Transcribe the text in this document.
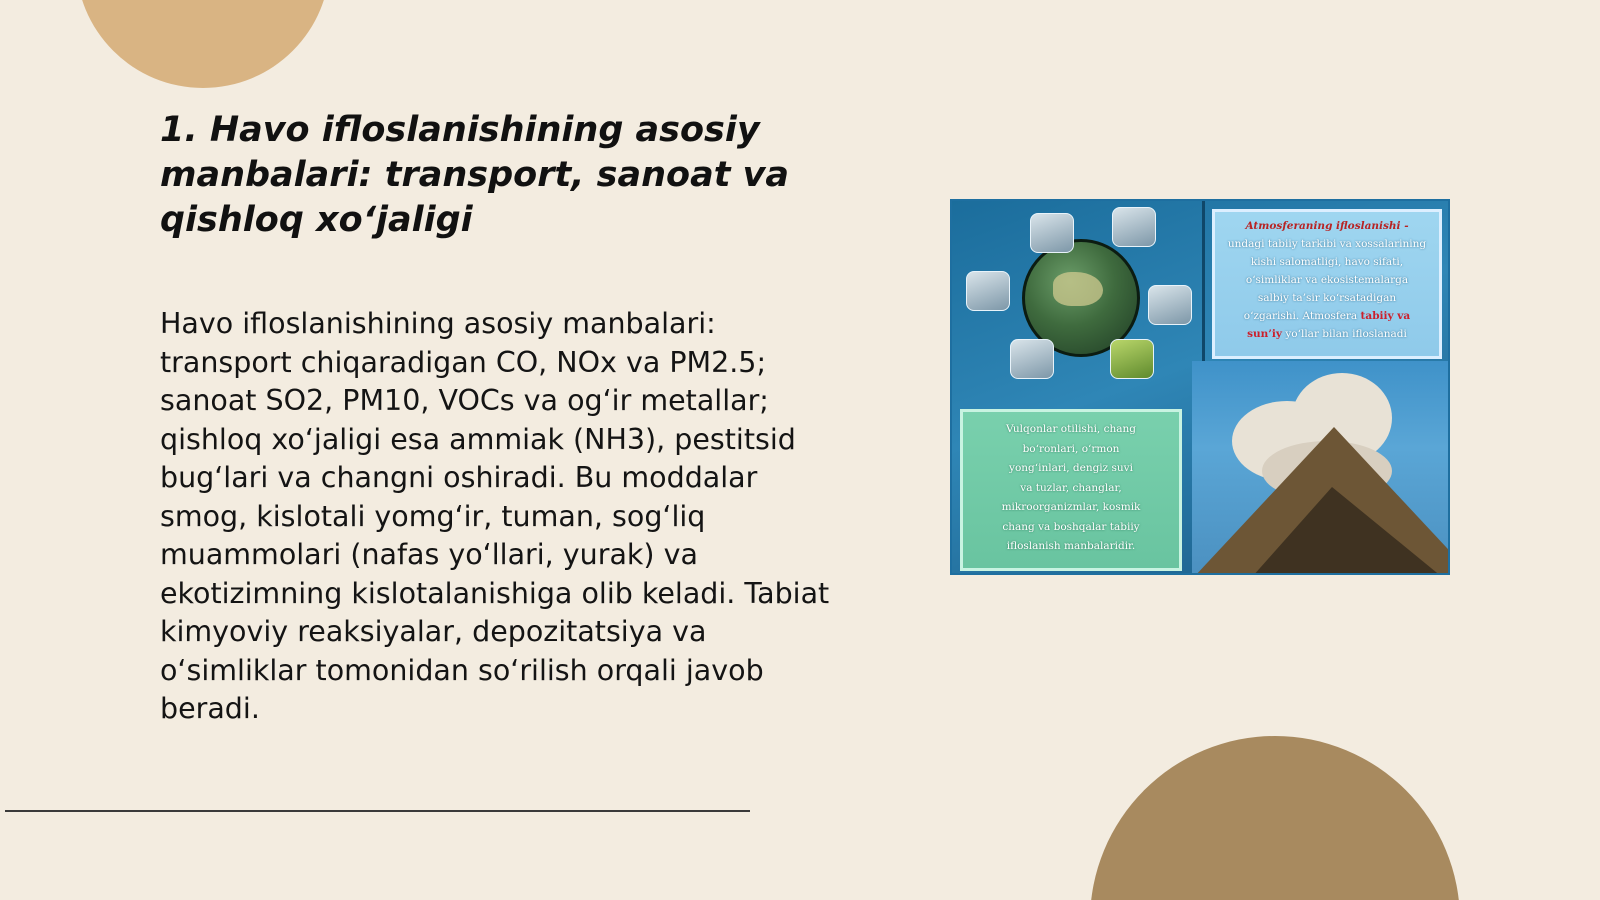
1. Havo ifloslanishining asosiy manbalari: transport, sanoat va qishloq xo‘jaligi

Havo ifloslanishining asosiy manbalari: transport chiqaradigan CO, NOx va PM2.5; sanoat SO2, PM10, VOCs va og‘ir metallar; qishloq xo‘jaligi esa ammiak (NH3), pestitsid bug‘lari va changni oshiradi. Bu moddalar smog, kislotali yomg‘ir, tuman, sog‘liq muammolari (nafas yo‘llari, yurak) va ekotizimning kislotalanishiga olib keladi. Tabiat kimyoviy reaksiyalar, depozitatsiya va o‘simliklar tomonidan so‘rilish orqali javob beradi.

Atmosferaning ifloslanishi -
undagi tabiiy tarkibi va xossalarining
kishi salomatligi, havo sifati,
o‘simliklar va ekosistemalarga
salbiy ta’sir ko‘rsatadigan
o‘zgarishi. Atmosfera tabiiy va
sun’iy yo‘llar bilan ifloslanadi
Vulqonlar otilishi, chang
bo‘ronlari, o‘rmon
yong‘inlari, dengiz suvi
va tuzlar, changlar,
mikroorganizmlar, kosmik
chang va boshqalar tabiiy
ifloslanish manbalaridir.
